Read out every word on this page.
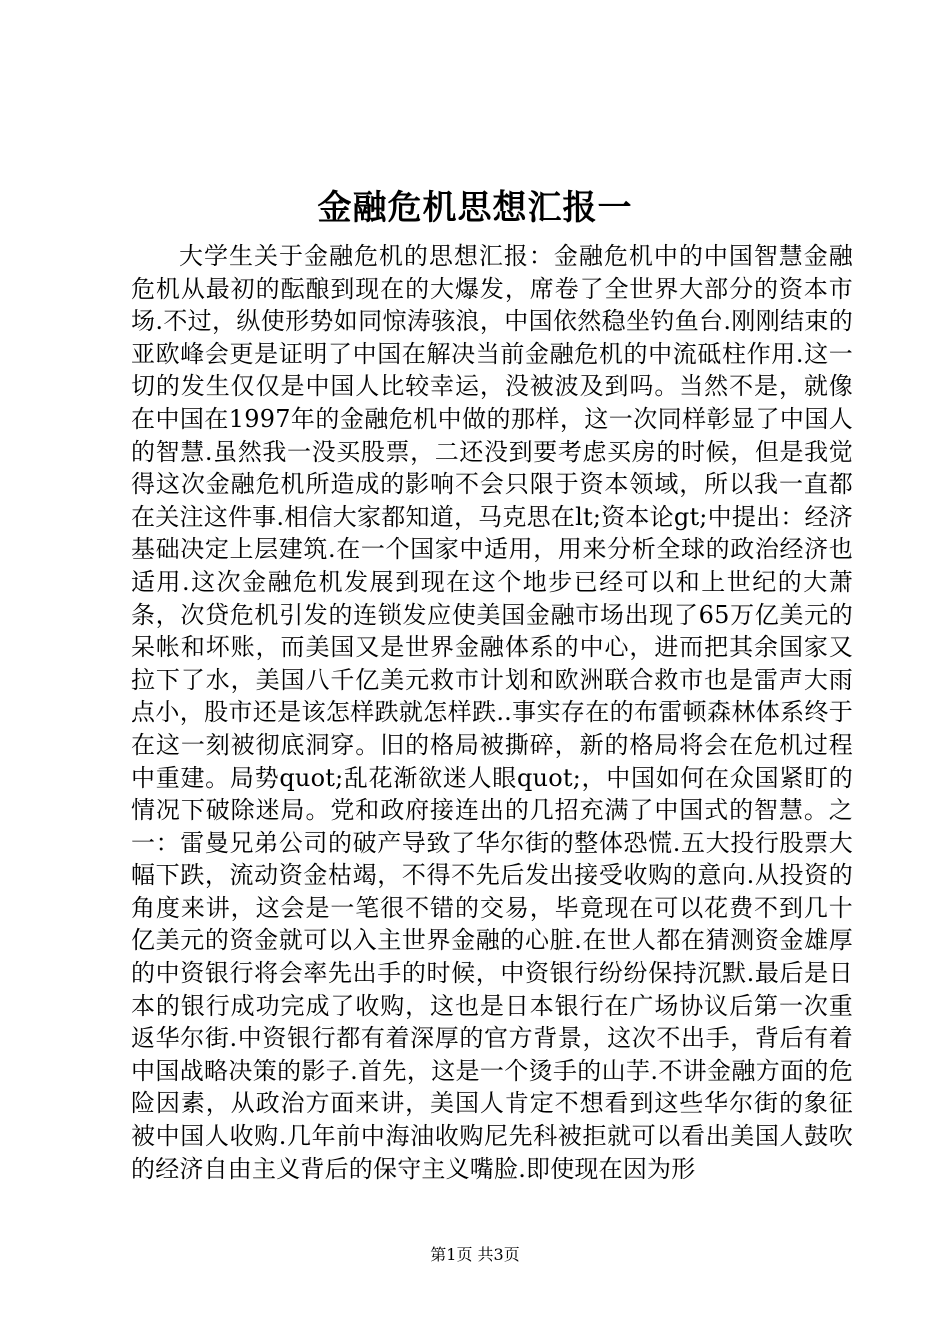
金融危机思想汇报一

大学生关于金融危机的思想汇报：金融危机中的中国智慧金融危机从最初的酝酿到现在的大爆发，席卷了全世界大部分的资本市场.不过，纵使形势如同惊涛骇浪，中国依然稳坐钓鱼台.刚刚结束的亚欧峰会更是证明了中国在解决当前金融危机的中流砥柱作用.这一切的发生仅仅是中国人比较幸运，没被波及到吗。当然不是，就像在中国在1997年的金融危机中做的那样，这一次同样彰显了中国人的智慧.虽然我一没买股票，二还没到要考虑买房的时候，但是我觉得这次金融危机所造成的影响不会只限于资本领域，所以我一直都在关注这件事.相信大家都知道，马克思在lt;资本论gt;中提出：经济基础决定上层建筑.在一个国家中适用，用来分析全球的政治经济也适用.这次金融危机发展到现在这个地步已经可以和上世纪的大萧条，次贷危机引发的连锁发应使美国金融市场出现了65万亿美元的呆帐和坏账，而美国又是世界金融体系的中心，进而把其余国家又拉下了水，美国八千亿美元救市计划和欧洲联合救市也是雷声大雨点小，股市还是该怎样跌就怎样跌..事实存在的布雷顿森林体系终于在这一刻被彻底洞穿。旧的格局被撕碎，新的格局将会在危机过程中重建。局势quot;乱花渐欲迷人眼quot;，中国如何在众国紧盯的情况下破除迷局。党和政府接连出的几招充满了中国式的智慧。之一：雷曼兄弟公司的破产导致了华尔街的整体恐慌.五大投行股票大幅下跌，流动资金枯竭，不得不先后发出接受收购的意向.从投资的角度来讲，这会是一笔很不错的交易，毕竟现在可以花费不到几十亿美元的资金就可以入主世界金融的心脏.在世人都在猜测资金雄厚的中资银行将会率先出手的时候，中资银行纷纷保持沉默.最后是日本的银行成功完成了收购，这也是日本银行在广场协议后第一次重返华尔街.中资银行都有着深厚的官方背景，这次不出手，背后有着中国战略决策的影子.首先，这是一个烫手的山芋.不讲金融方面的危险因素，从政治方面来讲，美国人肯定不想看到这些华尔街的象征被中国人收购.几年前中海油收购尼先科被拒就可以看出美国人鼓吹的经济自由主义背后的保守主义嘴脸.即使现在因为形

第1页 共3页
